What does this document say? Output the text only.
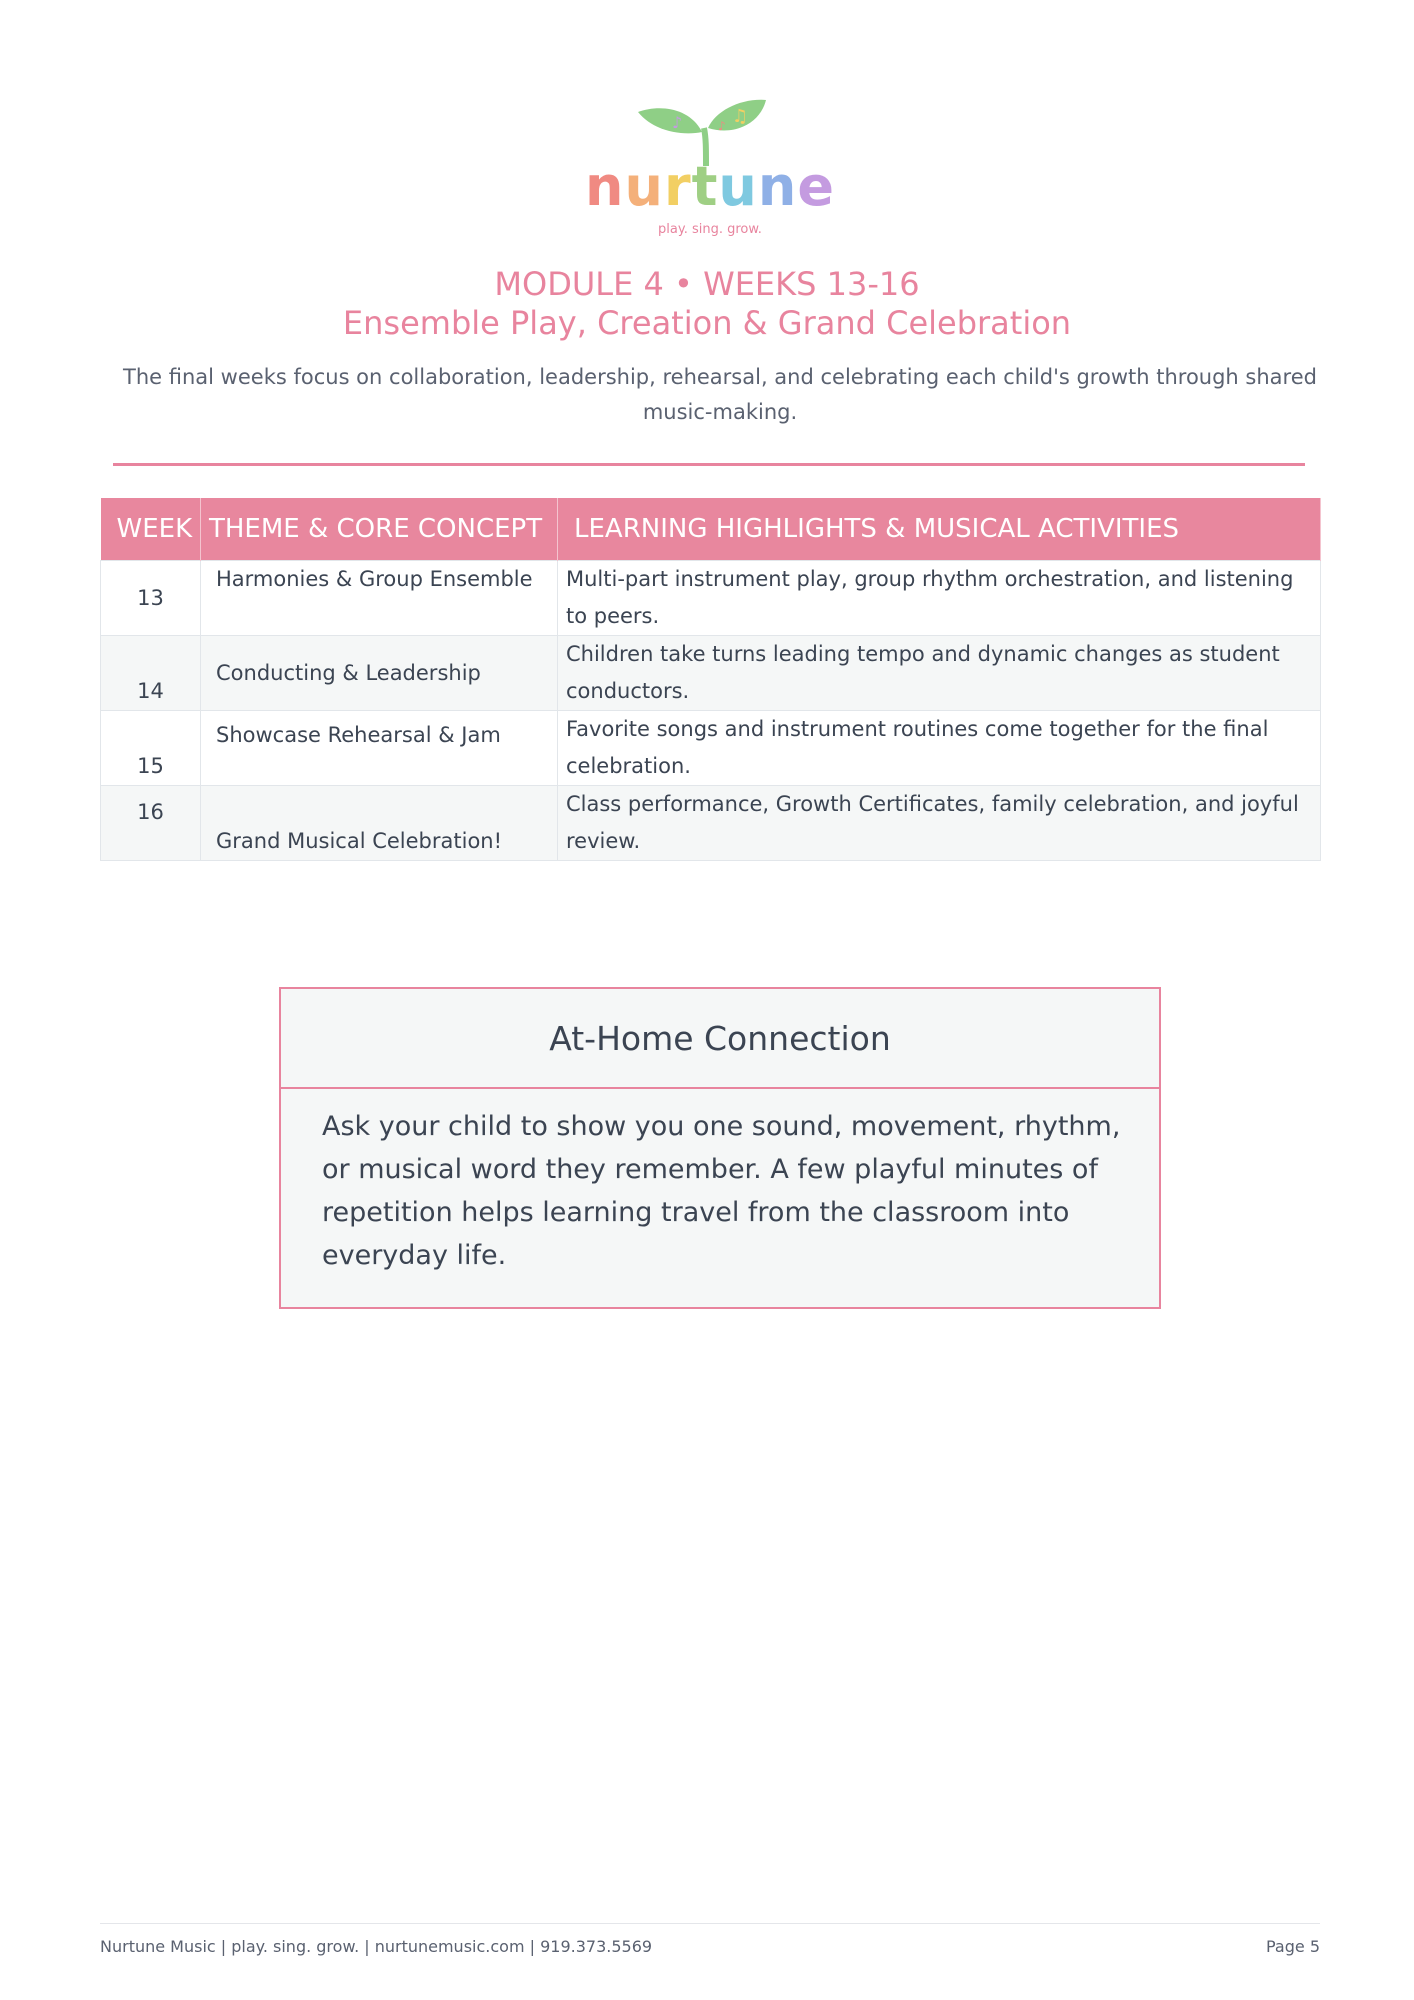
♪	♫
♪
nurtune
play. sing. grow.
MODULE 4 • WEEKS 13-16
Ensemble Play, Creation & Grand Celebration
The final weeks focus on collaboration, leadership, rehearsal, and celebrating each child's growth through shared music-making.
WEEK	THEME & CORE CONCEPT	LEARNING HIGHLIGHTS & MUSICAL ACTIVITIES
13	Harmonies & Group Ensemble	Multi-part instrument play, group rhythm orchestration, and listening to peers.
14	Conducting & Leadership	Children take turns leading tempo and dynamic changes as student conductors.
15	Showcase Rehearsal & Jam	Favorite songs and instrument routines come together for the final celebration.
16	Grand Musical Celebration!	Class performance, Growth Certificates, family celebration, and joyful review.
At-Home Connection
Ask your child to show you one sound, movement, rhythm, or musical word they remember. A few playful minutes of repetition helps learning travel from the classroom into everyday life.
Nurtune Music | play. sing. grow. | nurtunemusic.com | 919.373.5569	Page 5
